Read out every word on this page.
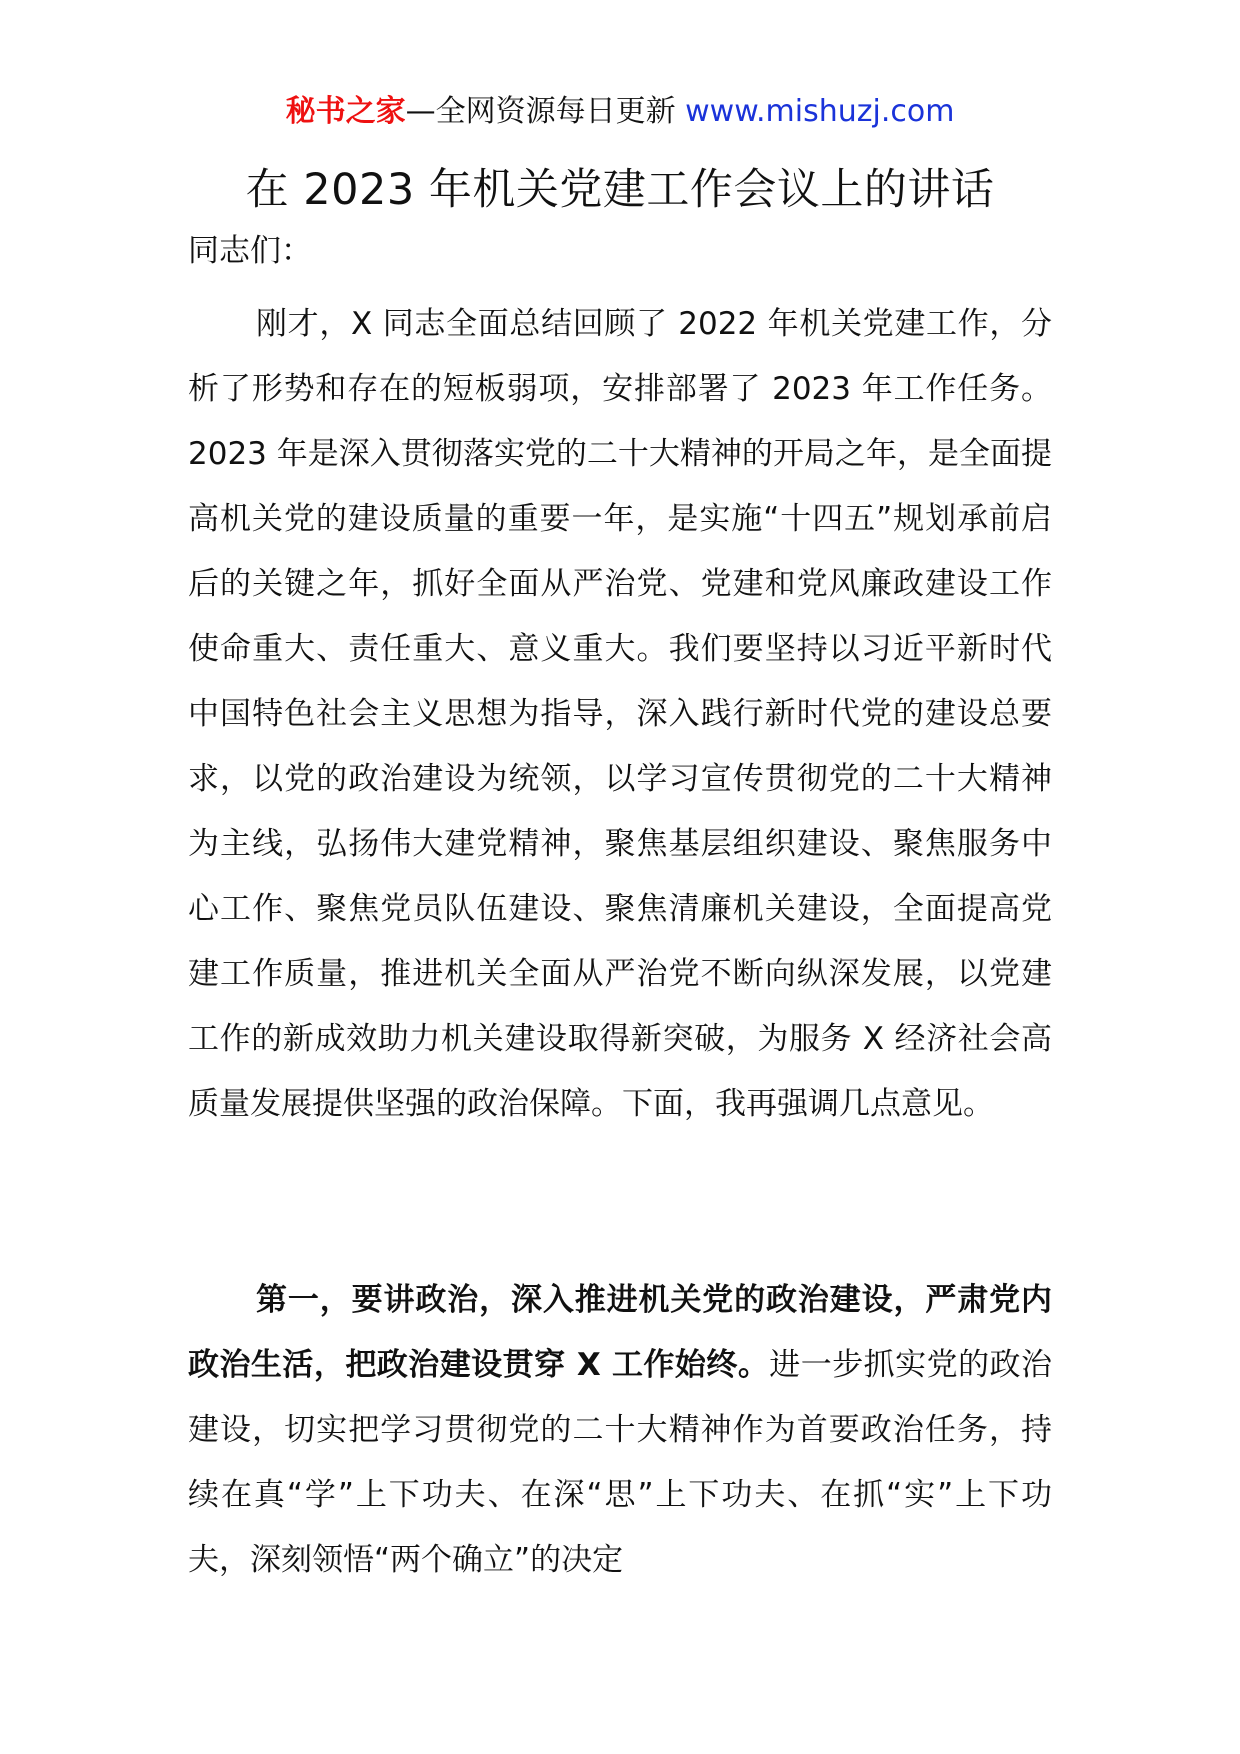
秘书之家—全网资源每日更新 www.mishuzj.com
在 2023 年机关党建工作会议上的讲话

同志们：

刚才，X 同志全面总结回顾了 2022 年机关党建工作，分析了形势和存在的短板弱项，安排部署了 2023 年工作任务。2023 年是深入贯彻落实党的二十大精神的开局之年，是全面提高机关党的建设质量的重要一年，是实施“十四五”规划承前启后的关键之年，抓好全面从严治党、党建和党风廉政建设工作使命重大、责任重大、意义重大。我们要坚持以习近平新时代中国特色社会主义思想为指导，深入践行新时代党的建设总要求，以党的政治建设为统领，以学习宣传贯彻党的二十大精神为主线，弘扬伟大建党精神，聚焦基层组织建设、聚焦服务中心工作、聚焦党员队伍建设、聚焦清廉机关建设，全面提高党建工作质量，推进机关全面从严治党不断向纵深发展，以党建工作的新成效助力机关建设取得新突破，为服务 X 经济社会高质量发展提供坚强的政治保障。下面，我再强调几点意见。

第一，要讲政治，深入推进机关党的政治建设，严肃党内政治生活，把政治建设贯穿 X 工作始终。进一步抓实党的政治建设，切实把学习贯彻党的二十大精神作为首要政治任务，持续在真“学”上下功夫、在深“思”上下功夫、在抓“实”上下功夫，深刻领悟“两个确立”的决定
